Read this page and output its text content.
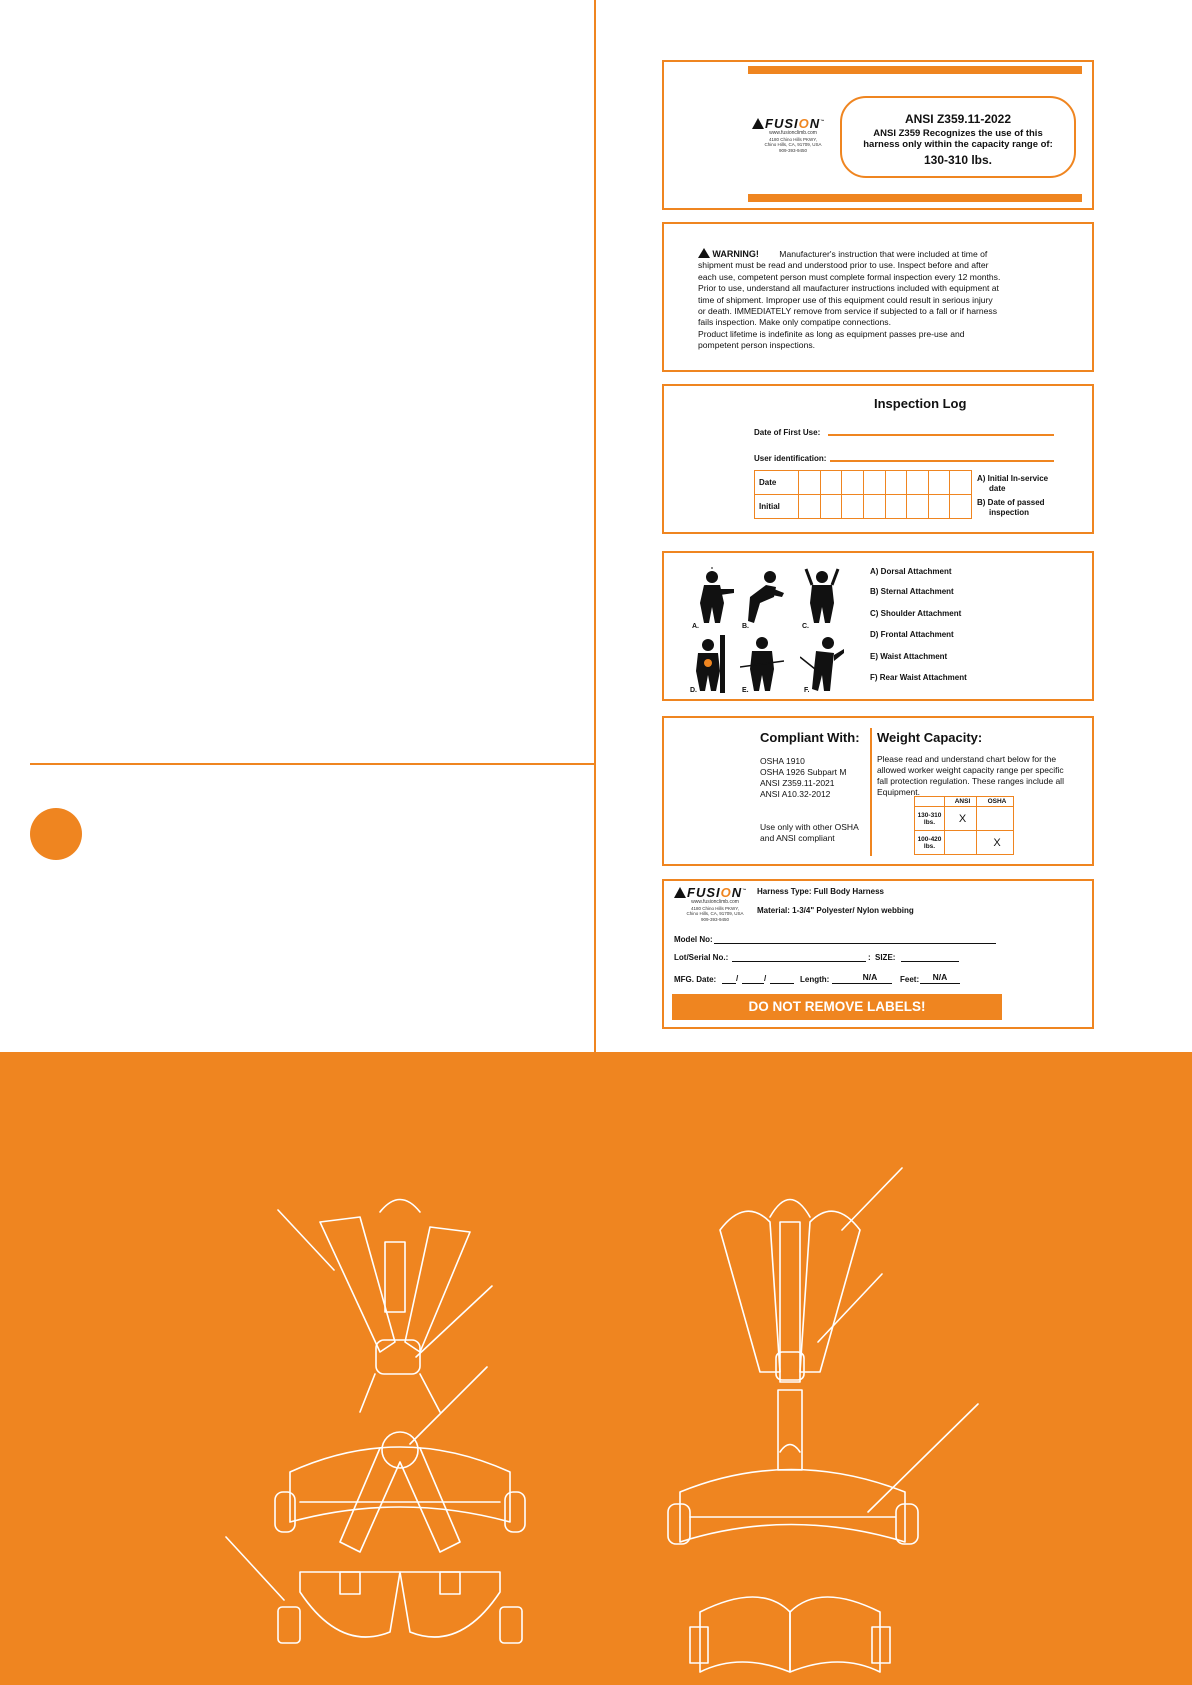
FUSION™
www.fusionclimb.com
4180 Chino Hills PKWY,
Chino Hills, CA, 91709, USA
909-393-9450
ANSI Z359.11-2022
ANSI Z359 Recognizes the use of this
harness only within the capacity range of:
130-310 lbs.
WARNING! Manufacturer's instruction that were included at time of
shipment must be read and understood prior to use. Inspect before and after
each use, competent person must complete formal inspection every 12 months.
Prior to use, understand all maufacturer instructions included with equipment at
time of shipment. Improper use of this equipment could result in serious injury
or death. IMMEDIATELY remove from service if subjected to a fall or if harness
fails inspection. Make only compatipe connections.
Product lifetime is indefinite as long as equipment passes pre-use and
pompetent person inspections.
Inspection Log
Date of First Use:
User identification:
Date								
Initial								
A) Initial In-service
date
B) Date of passed
inspection
A.	B.	C.
D.	E.	F.
A) Dorsal Attachment
B) Sternal Attachment
C) Shoulder Attachment
D) Frontal Attachment
E) Waist Attachment
F) Rear Waist Attachment
Compliant With:
OSHA 1910
OSHA 1926 Subpart M
ANSI Z359.11-2021
ANSI A10.32-2012
Use only with other OSHA
and ANSI compliant
Weight Capacity:
Please read and understand chart below for the
allowed worker weight capacity range per specific
fall protection regulation. These ranges include all
Equipment.
	ANSI	OSHA

130-310
lbs.	X	

100-420
lbs.		X
FUSION™
www.fusionclimb.com
4180 Chino Hills PKWY,
Chino Hills, CA, 91709, USA
909-393-9450
Harness Type: Full Body Harness
Material: 1-3/4" Polyester/ Nylon webbing
Model No:
Lot/Serial No.:	: SIZE:
MFG. Date: /	/	Length:	N/A	Feet:	N/A
DO NOT REMOVE LABELS!
